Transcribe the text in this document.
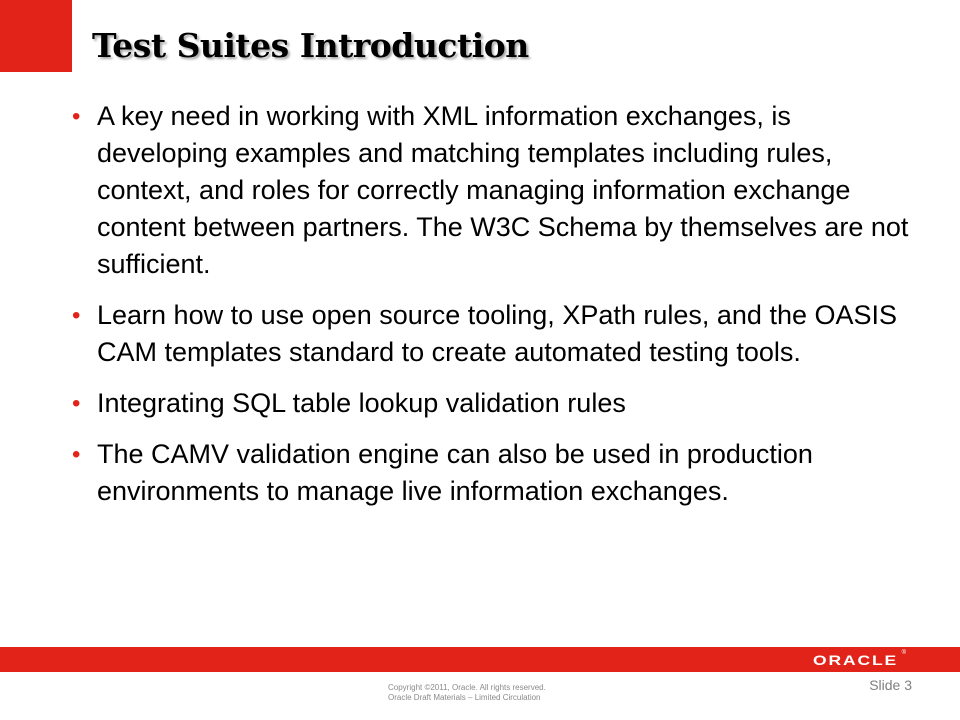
Test Suites Introduction
• A key need in working with XML information exchanges, is developing examples and matching templates including rules, context, and roles for correctly managing information exchange content between partners. The W3C Schema by themselves are not sufficient.
• Learn how to use open source tooling, XPath rules, and the OASIS CAM templates standard to create automated testing tools.
• Integrating SQL table lookup validation rules
• The CAMV validation engine can also be used in production environments to manage live information exchanges.
ORACLE ®
Copyright ©2011, Oracle. All rights reserved.
Oracle Draft Materials – Limited Circulation
Slide 3
